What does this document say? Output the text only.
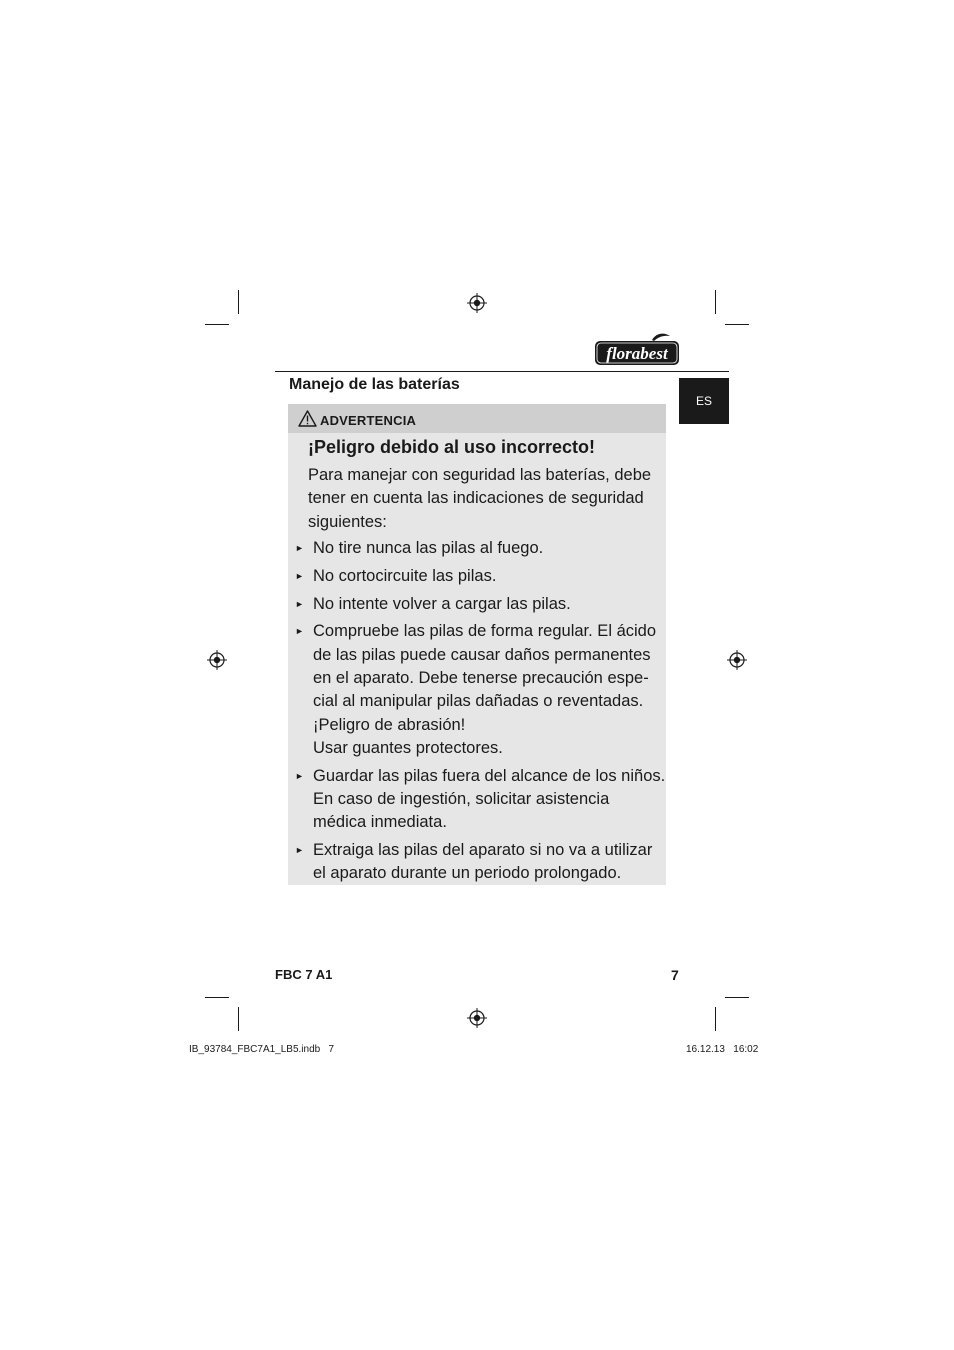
florabest
ES
Manejo de las baterías
ADVERTENCIA
¡Peligro debido al uso incorrecto!
Para manejar con seguridad las baterías, debe tener en cuenta las indicaciones de seguridad siguientes:
► No tire nunca las pilas al fuego.
► No cortocircuite las pilas.
► No intente volver a cargar las pilas.
► Compruebe las pilas de forma regular. El ácido de las pilas puede causar daños permanentes en el aparato. Debe tenerse precaución espe-cial al manipular pilas dañadas o reventadas. ¡Peligro de abrasión!
Usar guantes protectores.
► Guardar las pilas fuera del alcance de los niños. En caso de ingestión, solicitar asistencia médica inmediata.
► Extraiga las pilas del aparato si no va a utilizar el aparato durante un periodo prolongado.
FBC 7 A1	7
IB_93784_FBC7A1_LB5.indb   7	16.12.13   16:02
